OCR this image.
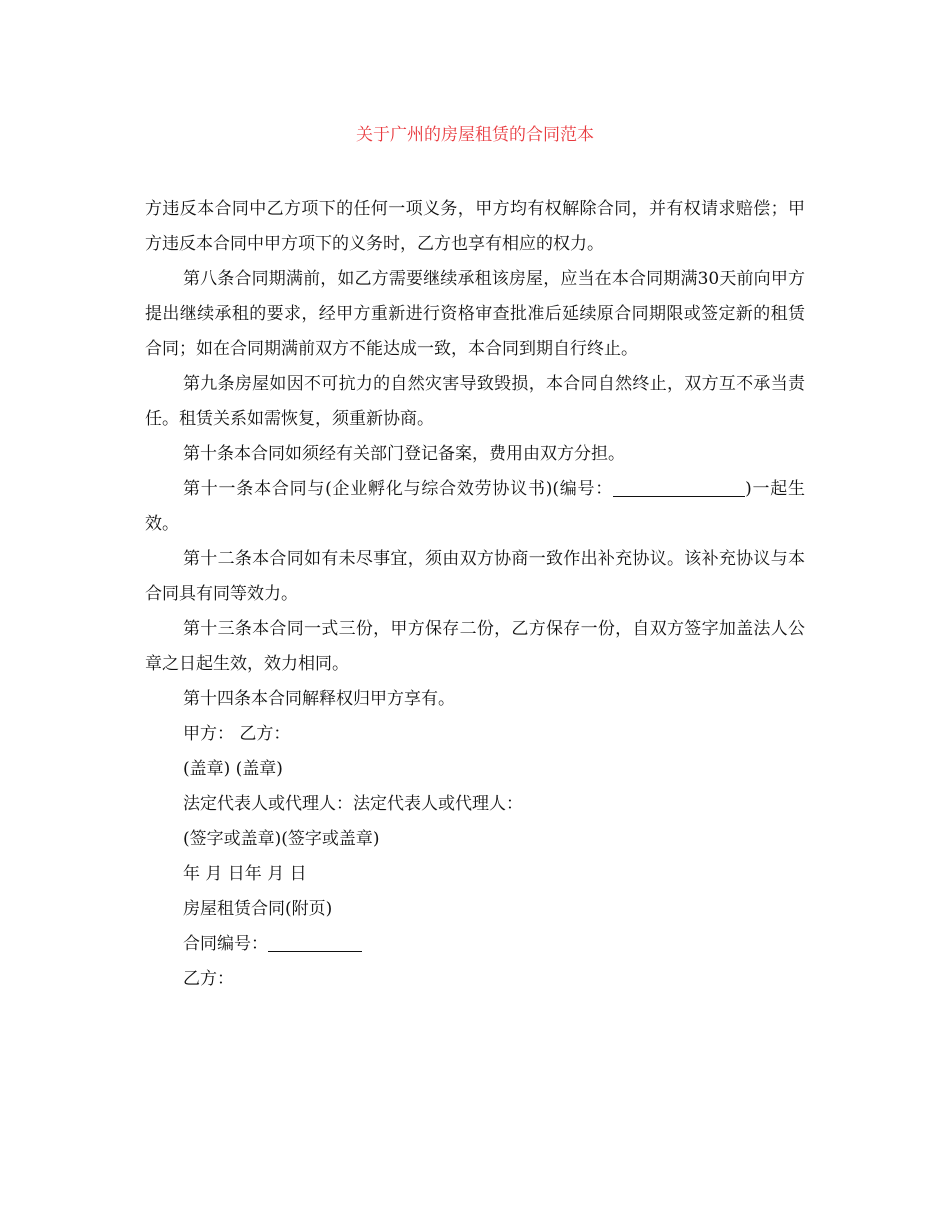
关于广州的房屋租赁的合同范本

方违反本合同中乙方项下的任何一项义务，甲方均有权解除合同，并有权请求赔偿；甲方违反本合同中甲方项下的义务时，乙方也享有相应的权力。

第八条合同期满前，如乙方需要继续承租该房屋，应当在本合同期满30天前向甲方提出继续承租的要求，经甲方重新进行资格审查批准后延续原合同期限或签定新的租赁合同；如在合同期满前双方不能达成一致，本合同到期自行终止。

第九条房屋如因不可抗力的自然灾害导致毁损，本合同自然终止，双方互不承当责任。租赁关系如需恢复，须重新协商。

第十条本合同如须经有关部门登记备案，费用由双方分担。

第十一条本合同与(企业孵化与综合效劳协议书)(编号：	)一起生效。

第十二条本合同如有未尽事宜，须由双方协商一致作出补充协议。该补充协议与本合同具有同等效力。

第十三条本合同一式三份，甲方保存二份，乙方保存一份，自双方签字加盖法人公章之日起生效，效力相同。

第十四条本合同解释权归甲方享有。

甲方： 乙方：

(盖章) (盖章)

法定代表人或代理人：法定代表人或代理人：

(签字或盖章)(签字或盖章)

年 月 日年 月 日

房屋租赁合同(附页)

合同编号：

乙方：
